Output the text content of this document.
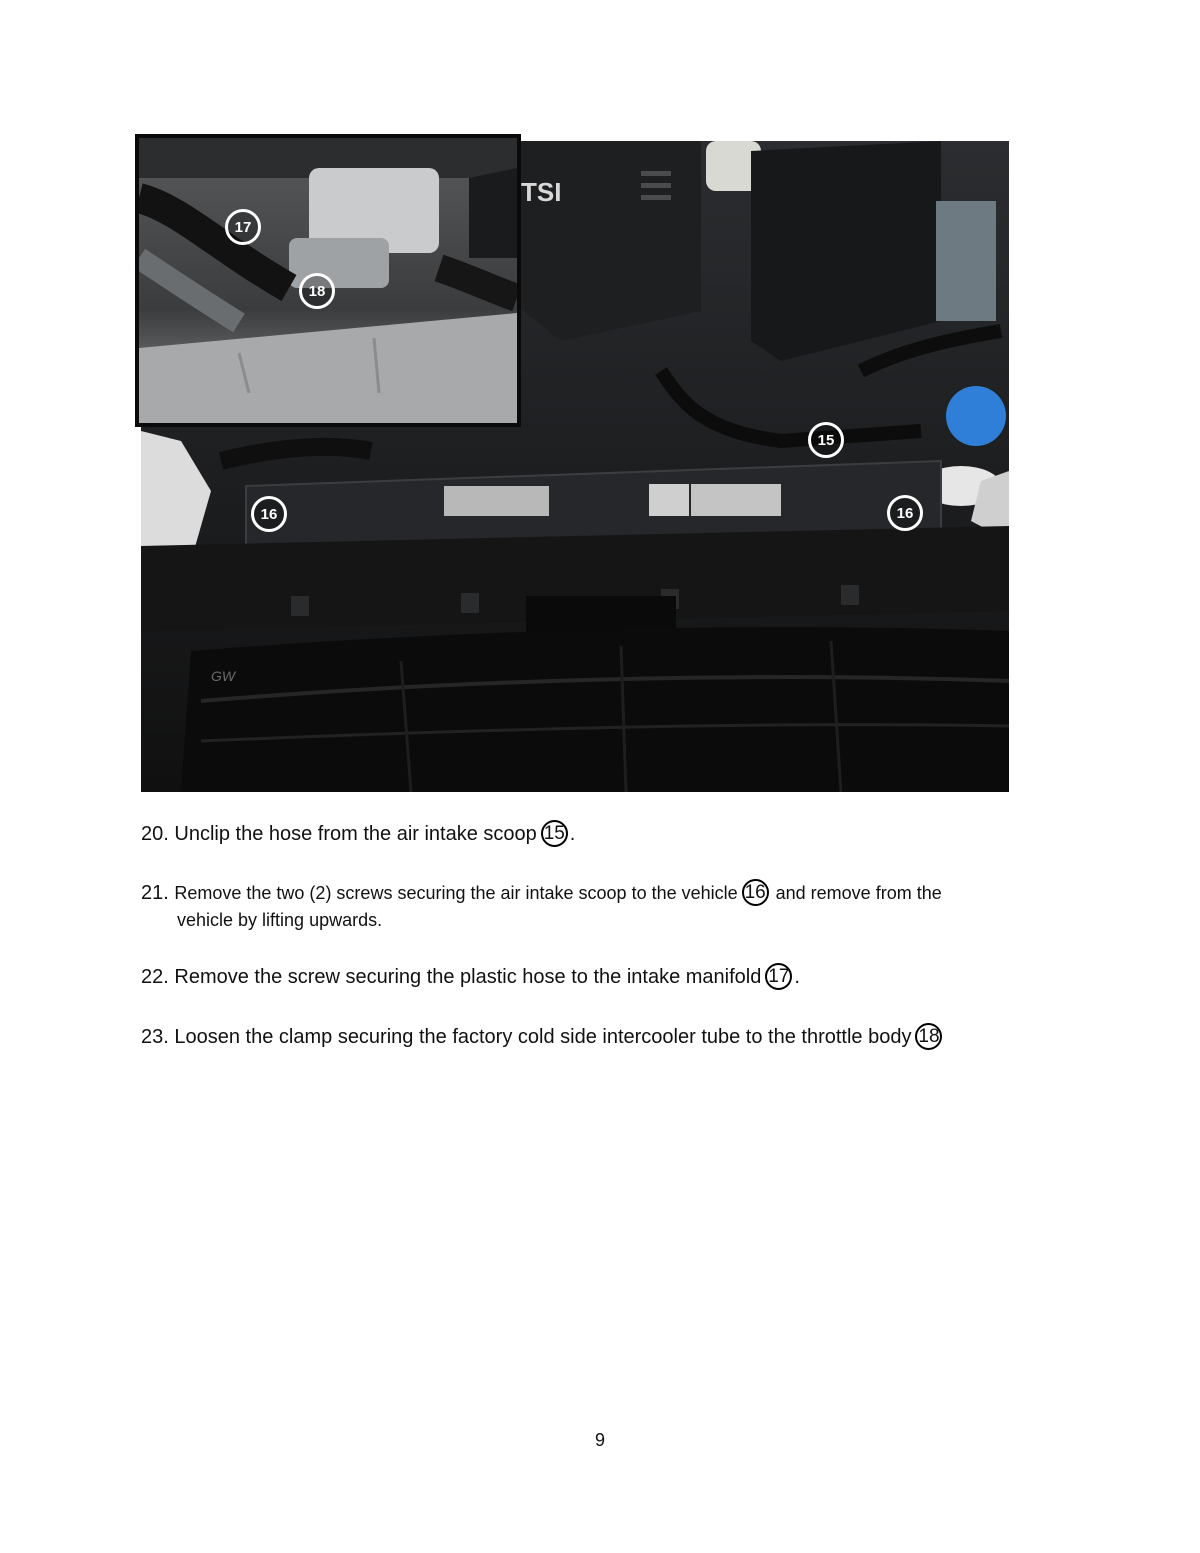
TSI
GW
15
16	16
17
18
20. Unclip the hose from the air intake scoop 15 .
21. Remove the two (2) screws securing the air intake scoop to the vehicle 16 and remove from the
vehicle by lifting upwards.
22. Remove the screw securing the plastic hose to the intake manifold 17 .
23. Loosen the clamp securing the factory cold side intercooler tube to the throttle body 18
9
